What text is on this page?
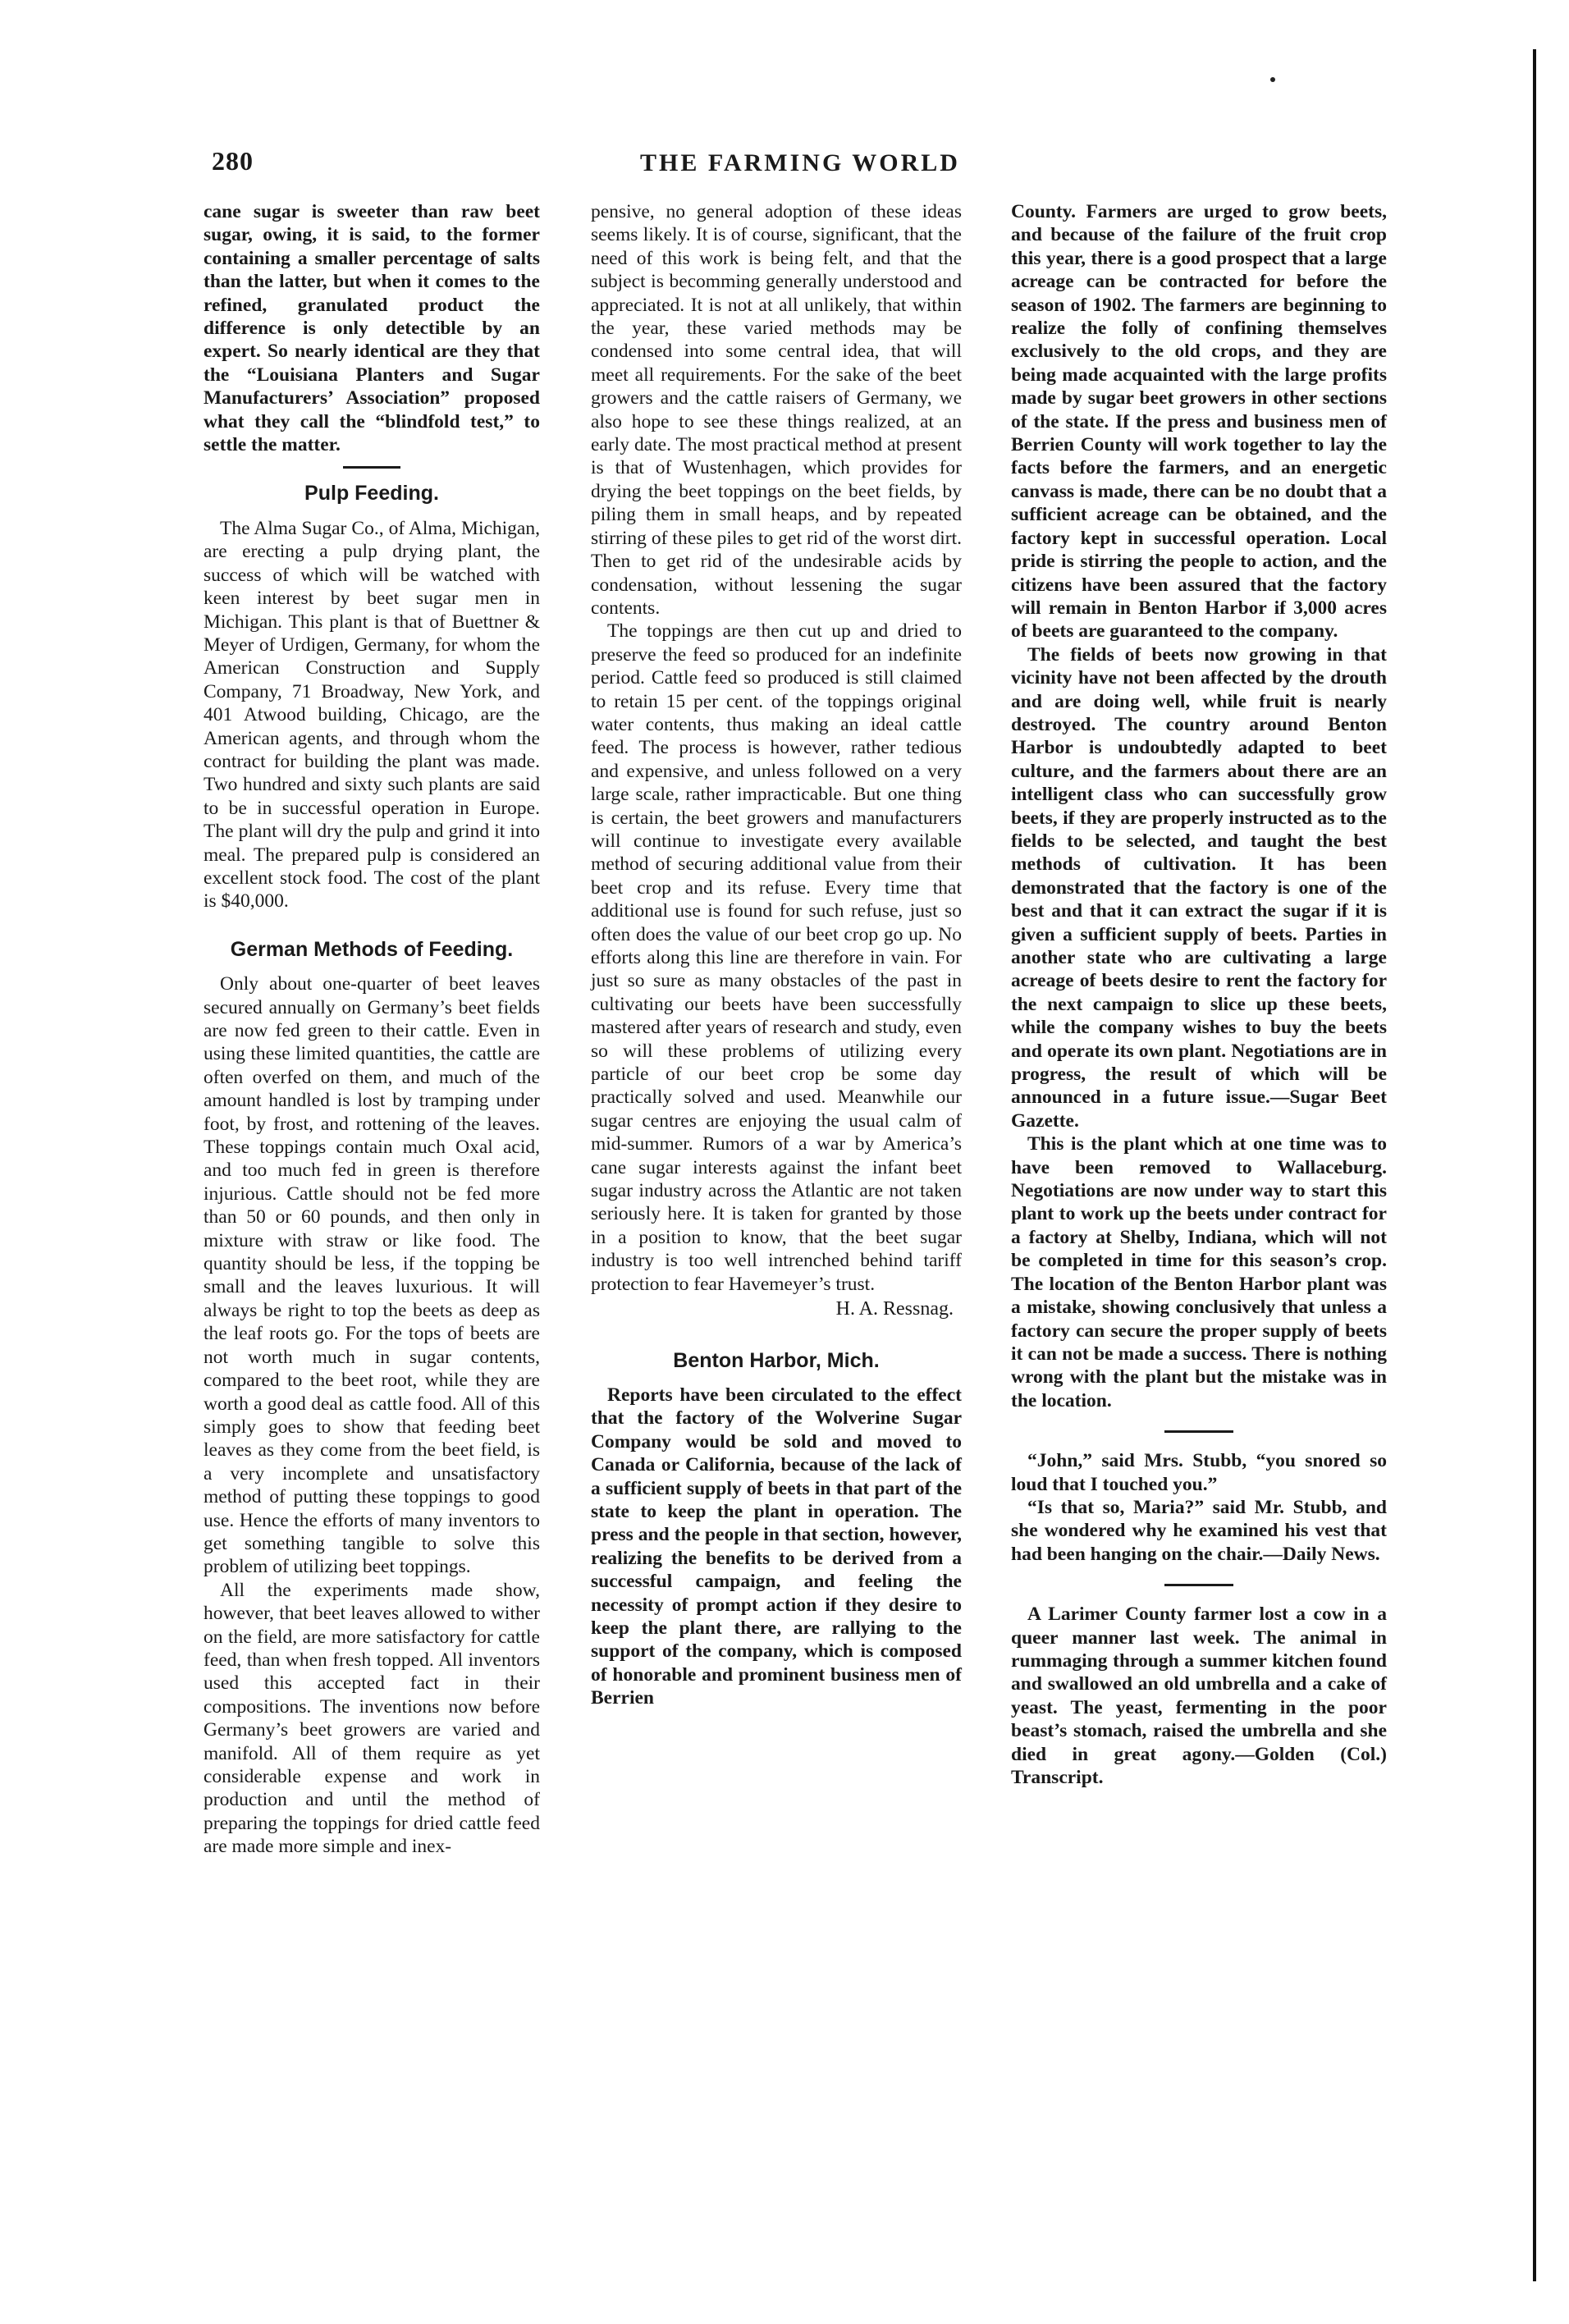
280	THE FARMING WORLD

cane sugar is sweeter than raw beet sugar, owing, it is said, to the former containing a smaller percentage of salts than the latter, but when it comes to the refined, granulated product the difference is only detectible by an expert. So nearly identical are they that the “Louisiana Planters and Sugar Manufacturers’ Association” proposed what they call the “blindfold test,” to settle the matter.

Pulp Feeding.

The Alma Sugar Co., of Alma, Michigan, are erecting a pulp drying plant, the success of which will be watched with keen interest by beet sugar men in Michigan. This plant is that of Buettner & Meyer of Urdigen, Germany, for whom the American Construction and Supply Company, 71 Broadway, New York, and 401 Atwood building, Chicago, are the American agents, and through whom the contract for building the plant was made. Two hundred and sixty such plants are said to be in successful operation in Europe. The plant will dry the pulp and grind it into meal. The prepared pulp is considered an excellent stock food. The cost of the plant is $40,000.

German Methods of Feeding.

Only about one-quarter of beet leaves secured annually on Germany’s beet fields are now fed green to their cattle. Even in using these limited quantities, the cattle are often overfed on them, and much of the amount handled is lost by tramping under foot, by frost, and rottening of the leaves. These toppings contain much Oxal acid, and too much fed in green is therefore injurious. Cattle should not be fed more than 50 or 60 pounds, and then only in mixture with straw or like food. The quantity should be less, if the topping be small and the leaves luxurious. It will always be right to top the beets as deep as the leaf roots go. For the tops of beets are not worth much in sugar contents, compared to the beet root, while they are worth a good deal as cattle food. All of this simply goes to show that feeding beet leaves as they come from the beet field, is a very incomplete and unsatisfactory method of putting these toppings to good use. Hence the efforts of many inventors to get something tangible to solve this problem of utilizing beet toppings.

All the experiments made show, however, that beet leaves allowed to wither on the field, are more satisfactory for cattle feed, than when fresh topped. All inventors used this accepted fact in their compositions. The inventions now before Germany’s beet growers are varied and manifold. All of them require as yet considerable expense and work in production and until the method of preparing the toppings for dried cattle feed are made more simple and inex-

pensive, no general adoption of these ideas seems likely. It is of course, significant, that the need of this work is being felt, and that the subject is becomming generally understood and appreciated. It is not at all unlikely, that within the year, these varied methods may be condensed into some central idea, that will meet all requirements. For the sake of the beet growers and the cattle raisers of Germany, we also hope to see these things realized, at an early date. The most practical method at present is that of Wustenhagen, which provides for drying the beet toppings on the beet fields, by piling them in small heaps, and by repeated stirring of these piles to get rid of the worst dirt. Then to get rid of the undesirable acids by condensation, without lessening the sugar contents.

The toppings are then cut up and dried to preserve the feed so produced for an indefinite period. Cattle feed so produced is still claimed to retain 15 per cent. of the toppings original water contents, thus making an ideal cattle feed. The process is however, rather tedious and expensive, and unless followed on a very large scale, rather impracticable. But one thing is certain, the beet growers and manufacturers will continue to investigate every available method of securing additional value from their beet crop and its refuse. Every time that additional use is found for such refuse, just so often does the value of our beet crop go up. No efforts along this line are therefore in vain. For just so sure as many obstacles of the past in cultivating our beets have been successfully mastered after years of research and study, even so will these problems of utilizing every particle of our beet crop be some day practically solved and used. Meanwhile our sugar centres are enjoying the usual calm of mid-summer. Rumors of a war by America’s cane sugar interests against the infant beet sugar industry across the Atlantic are not taken seriously here. It is taken for granted by those in a position to know, that the beet sugar industry is too well intrenched behind tariff protection to fear Havemeyer’s trust.

H. A. Ressnag.
Benton Harbor, Mich.

Reports have been circulated to the effect that the factory of the Wolverine Sugar Company would be sold and moved to Canada or California, because of the lack of a sufficient supply of beets in that part of the state to keep the plant in operation. The press and the people in that section, however, realizing the benefits to be derived from a successful campaign, and feeling the necessity of prompt action if they desire to keep the plant there, are rallying to the support of the company, which is composed of honorable and prominent business men of Berrien

County. Farmers are urged to grow beets, and because of the failure of the fruit crop this year, there is a good prospect that a large acreage can be contracted for before the season of 1902. The farmers are beginning to realize the folly of confining themselves exclusively to the old crops, and they are being made acquainted with the large profits made by sugar beet growers in other sections of the state. If the press and business men of Berrien County will work together to lay the facts before the farmers, and an energetic canvass is made, there can be no doubt that a sufficient acreage can be obtained, and the factory kept in successful operation. Local pride is stirring the people to action, and the citizens have been assured that the factory will remain in Benton Harbor if 3,000 acres of beets are guaranteed to the company.

The fields of beets now growing in that vicinity have not been affected by the drouth and are doing well, while fruit is nearly destroyed. The country around Benton Harbor is undoubtedly adapted to beet culture, and the farmers about there are an intelligent class who can successfully grow beets, if they are properly instructed as to the fields to be selected, and taught the best methods of cultivation. It has been demonstrated that the factory is one of the best and that it can extract the sugar if it is given a sufficient supply of beets. Parties in another state who are cultivating a large acreage of beets desire to rent the factory for the next campaign to slice up these beets, while the company wishes to buy the beets and operate its own plant. Negotiations are in progress, the result of which will be announced in a future issue.—Sugar Beet Gazette.

This is the plant which at one time was to have been removed to Wallaceburg. Negotiations are now under way to start this plant to work up the beets under contract for a factory at Shelby, Indiana, which will not be completed in time for this season’s crop. The location of the Benton Harbor plant was a mistake, showing conclusively that unless a factory can secure the proper supply of beets it can not be made a success. There is nothing wrong with the plant but the mistake was in the location.

“John,” said Mrs. Stubb, “you snored so loud that I touched you.”

“Is that so, Maria?” said Mr. Stubb, and she wondered why he examined his vest that had been hanging on the chair.—Daily News.

A Larimer County farmer lost a cow in a queer manner last week. The animal in rummaging through a summer kitchen found and swallowed an old umbrella and a cake of yeast. The yeast, fermenting in the poor beast’s stomach, raised the umbrella and she died in great agony.—Golden (Col.) Transcript.
